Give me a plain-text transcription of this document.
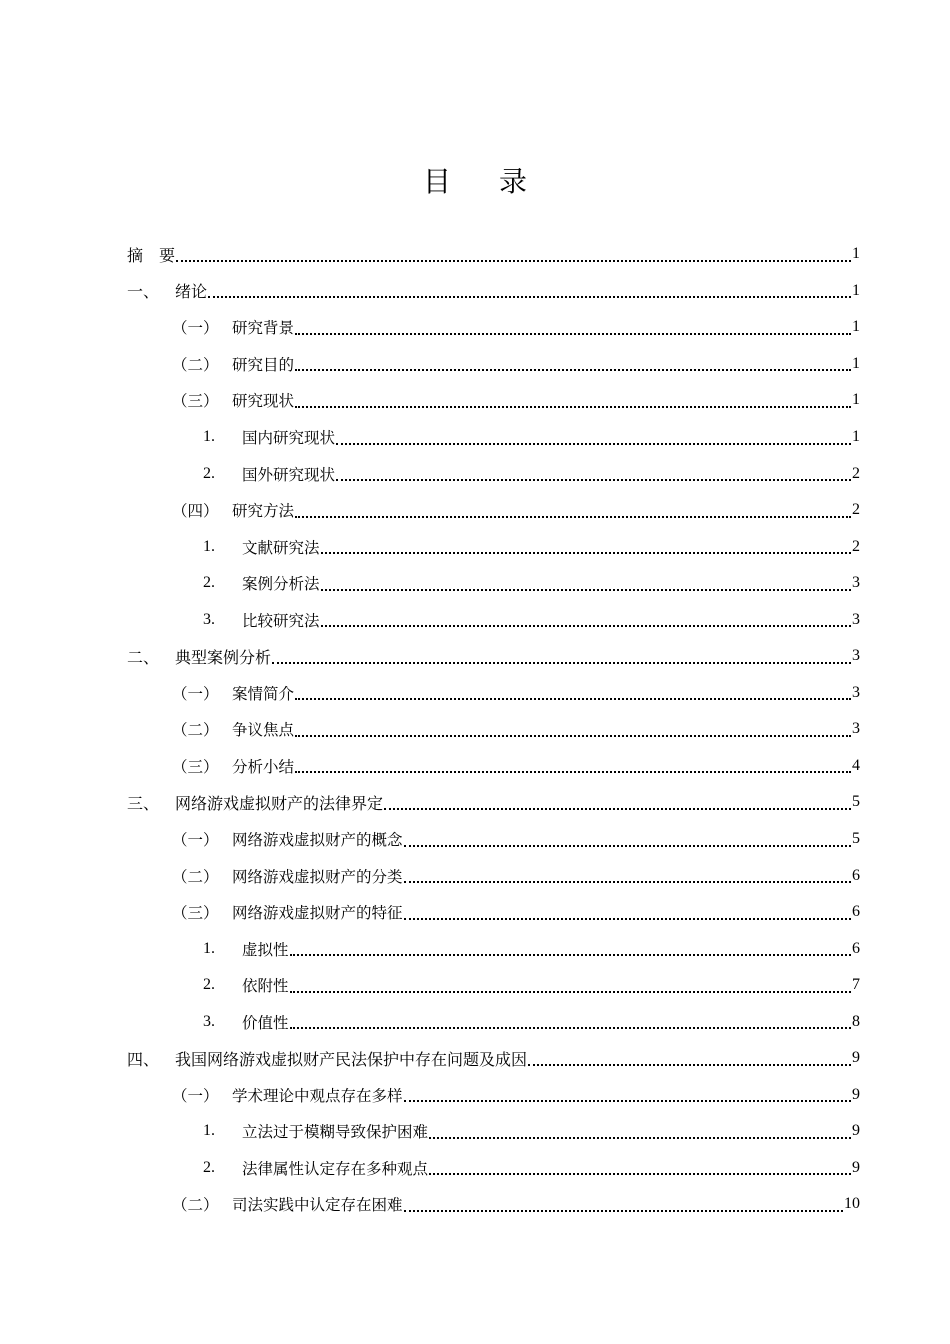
目 录
摘　要	1
一、 绪论	1
（一） 研究背景	1
（二） 研究目的	1
（三） 研究现状	1
1.	国内研究现状	1
2.	国外研究现状	2
（四） 研究方法	2
1.	文献研究法	2
2.	案例分析法	3
3.	比较研究法	3
二、 典型案例分析	3
（一） 案情简介	3
（二） 争议焦点	3
（三） 分析小结	4
三、 网络游戏虚拟财产的法律界定	5
（一） 网络游戏虚拟财产的概念	5
（二） 网络游戏虚拟财产的分类	6
（三） 网络游戏虚拟财产的特征	6
1.	虚拟性	6
2.	依附性	7
3.	价值性	8
四、 我国网络游戏虚拟财产民法保护中存在问题及成因	9
（一） 学术理论中观点存在多样	9
1.	立法过于模糊导致保护困难	9
2.	法律属性认定存在多种观点	9
（二） 司法实践中认定存在困难	10
